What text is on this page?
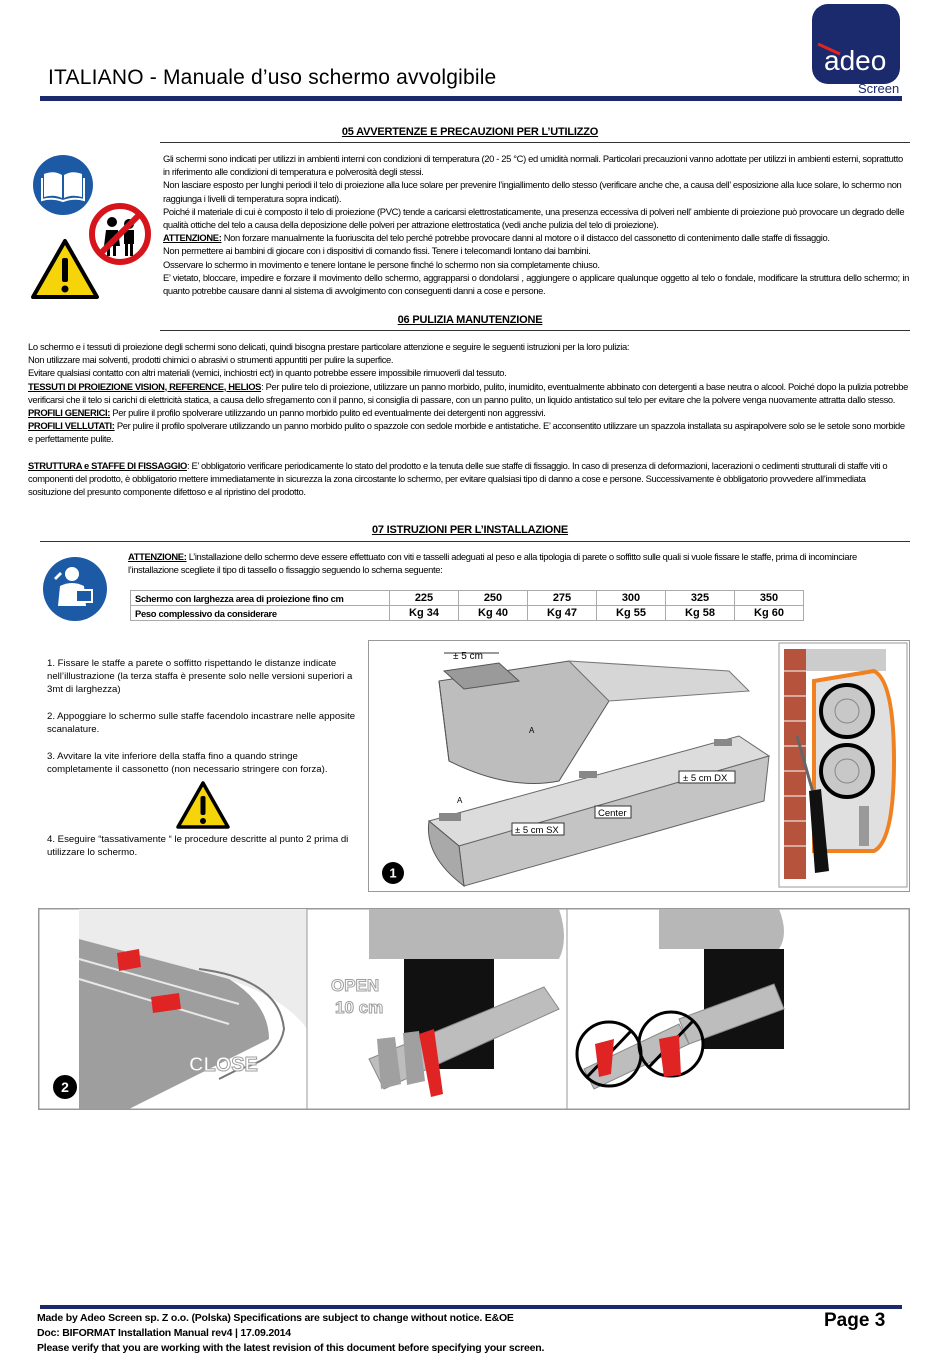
ITALIANO - Manuale d’uso schermo avvolgibile
adeo
Screen
05 AVVERTENZE E PRECAUZIONI PER L’UTILIZZO

Gli schermi sono indicati per utilizzi in ambienti interni con condizioni di temperatura (20 - 25 °C) ed umidità normali. Particolari precauzioni vanno adottate per utilizzi in ambienti esterni, soprattutto in riferimento alle condizioni di temperatura e polverosità degli stessi.

Non lasciare esposto per lunghi periodi il telo di proiezione alla luce solare per prevenire l’ingiallimento dello stesso (verificare anche che, a causa dell’ esposizione alla luce solare, lo schermo non raggiunga i livelli di temperatura sopra indicati).

Poiché il materiale di cui è composto il telo di proiezione (PVC) tende a caricarsi elettrostaticamente, una presenza eccessiva di polveri nell’ ambiente di proiezione può provocare un degrado delle qualità ottiche del telo a causa della deposizione delle polveri per attrazione elettrostatica (vedi anche pulizia del telo di proiezione).

ATTENZIONE: Non forzare manualmente la fuoriuscita del telo perché potrebbe provocare danni al motore o il distacco del cassonetto di contenimento dalle staffe di fissaggio.

Non permettere ai bambini di giocare con i dispositivi di comando fissi. Tenere i telecomandi lontano dai bambini.

Osservare lo schermo in movimento e tenere lontane le persone finché lo schermo non sia completamente chiuso.

E’ vietato, bloccare, impedire e forzare il movimento dello schermo, aggrapparsi o dondolarsi , aggiungere o applicare qualunque oggetto al telo o fondale, modificare la struttura dello schermo; in quanto potrebbe causare danni al sistema di avvolgimento con conseguenti danni a cose e persone.

06 PULIZIA MANUTENZIONE

Lo schermo e i tessuti di proiezione degli schermi sono delicati, quindi bisogna prestare particolare attenzione e seguire le seguenti istruzioni per la loro pulizia:

Non utilizzare mai solventi, prodotti chimici o abrasivi o strumenti appuntiti per pulire la superfice.

Evitare qualsiasi contatto con altri materiali (vernici, inchiostri ect) in quanto potrebbe essere impossibile rimuoverli dal tessuto.

TESSUTI DI PROIEZIONE VISION, REFERENCE, HELIOS: Per pulire telo di proiezione, utilizzare un panno morbido, pulito, inumidito, eventualmente abbinato con detergenti a base neutra o alcool. Poiché dopo la pulizia potrebbe verificarsi che il telo si carichi di elettricità statica, a causa dello sfregamento con il panno, si consiglia di passare, con un panno pulito, un liquido antistatico sul telo per evitare che la polvere venga nuovamente attratta dallo stesso.

PROFILI GENERICI: Per pulire il profilo spolverare utilizzando un panno morbido pulito ed eventualmente dei detergenti non aggressivi.

PROFILI VELLUTATI: Per pulire il profilo spolverare utilizzando un panno morbido pulito o spazzole con sedole morbide e antistatiche. E’ acconsentito utilizzare un spazzola installata su aspirapolvere solo se le setole sono morbide e perfettamente pulite.

STRUTTURA e STAFFE DI FISSAGGIO: E’ obbligatorio verificare periodicamente lo stato del prodotto e la tenuta delle sue staffe di fissaggio. In caso di presenza di deformazioni, lacerazioni o cedimenti strutturali di staffe viti o componenti del prodotto, è obbligatorio mettere immediatamente in sicurezza la zona circostante lo schermo, per evitare qualsiasi tipo di danno a cose e persone. Successivamente è obbligatorio provvedere all’immediata sosituzione del presunto componente difettoso e al ripristino del prodotto.

07 ISTRUZIONI PER L’INSTALLAZIONE

ATTENZIONE: L’installazione dello schermo deve essere effettuato con viti e tasselli adeguati al peso e alla tipologia di parete o soffitto sulle quali si vuole fissare le staffe, prima di incominciare l’installazione scegliete il tipo di tassello o fissaggio seguendo lo schema seguente:

Schermo con larghezza area di proiezione fino cm	225	250	275	300	325	350
Peso complessivo da considerare	Kg 34	Kg 40	Kg 47	Kg 55	Kg 58	Kg 60

1. Fissare le staffe a parete o soffitto rispettando le distanze indicate nell’illustrazione (la terza staffa è presente solo nelle versioni superiori a 3mt di larghezza)

2. Appoggiare lo schermo sulle staffe facendolo incastrare nelle apposite scanalature.

3. Avvitare la vite inferiore della staffa fino a quando stringe completamente il cassonetto (non necessario stringere con forza).

4. Eseguire “tassativamente “ le procedure descritte al punto 2 prima di utilizzare lo schermo.

± 5 cm
A
A
± 5 cm DX
Center
± 5 cm SX
1
CLOSE
2
OPEN
10 cm
Made by Adeo Screen sp. Z o.o. (Polska) Specifications are subject to change without notice. E&OE
Doc: BIFORMAT Installation Manual rev4 | 17.09.2014
Please verify that you are working with the latest revision of this document before specifying your screen.
Page 3
